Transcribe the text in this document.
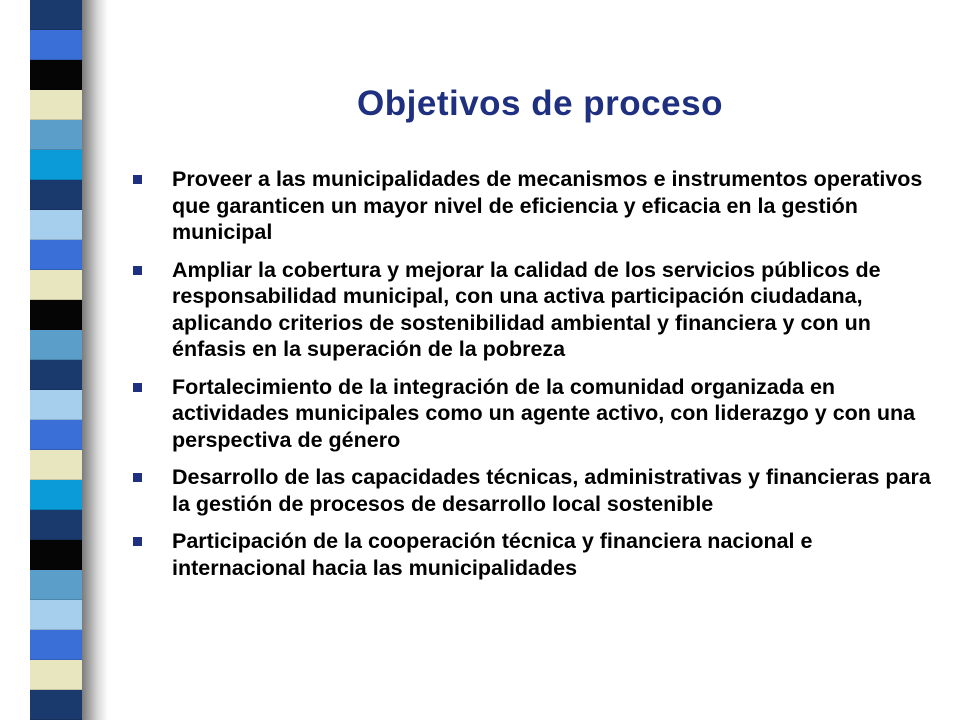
Objetivos de proceso
Proveer a las municipalidades de mecanismos e instrumentos operativos que garanticen un mayor nivel de eficiencia y eficacia en la gestión municipal
Ampliar la cobertura y mejorar la calidad de los servicios públicos de responsabilidad municipal, con una activa participación ciudadana, aplicando criterios de sostenibilidad ambiental y financiera y con un énfasis en la superación de la pobreza
Fortalecimiento de la integración de la comunidad organizada en actividades municipales como un agente activo, con liderazgo y con una perspectiva de género
Desarrollo de las capacidades técnicas, administrativas y financieras para la gestión de procesos de desarrollo local sostenible
Participación de la cooperación técnica y financiera nacional e internacional hacia las municipalidades
